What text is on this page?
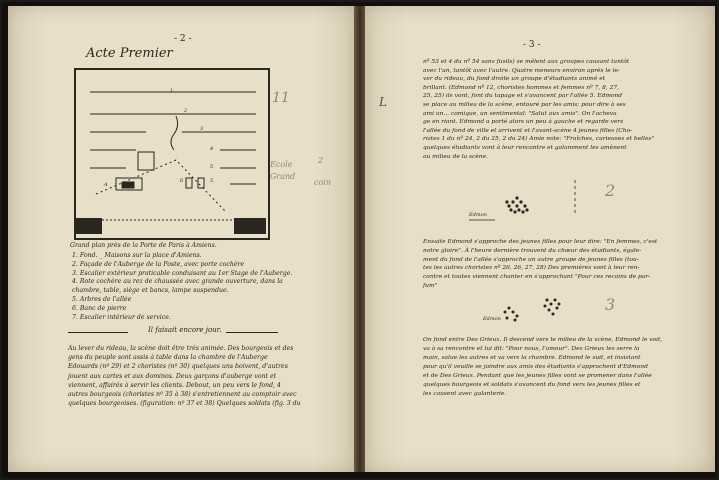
- 2 -
Acte Premier
1
2
3
4
5
5
6
A
11
Ecole
Grand
2
coin
Grand plan près de la Porte de Paris à Amiens.
1. Fond. _ Maisons sur la place d'Amiens.
2. Façade de l'Auberge de la Poste, avec porte cochère
3. Escalier extérieur praticable conduisant au 1er Stage de l'Auberge.
4. Rote cochère au rez de chaussée avec grande ouverture, dans la
chambre, table, siège et bancs, lampe suspendue.
5. Arbres de l'allée
6. Banc de pierre
7. Escalier intérieur de service.
Il faisait encore jour.
Au lever du rideau, la scène doit être très animée. Des bourgeois et des
gens du peuple sont assis à table dans la chambre de l'Auberge
Edouards (nº 29) et 2 choristes (nº 30) quelques uns boivent, d'autres
jouent aux cartes et aux dominos. Deux garçons d'auberge vont et
viennent, affairés à servir les clients. Debout, un peu vers le fond, 4
autres bourgeois (choristes nº 35 à 38) s'entretiennent au comptoir avec
quelques bourgeoises. (figuration: nº 37 et 38) Quelques soldats (fig. 3 du
- 3 -
L
nº 53 et 4 du nº 54 sans fusils) se mêlent aux groupes causant tantôt
avec l'un, tantôt avec l'autre. Quatre meneurs environ après le le-
ver du rideau, du fond droite un groupe d'étudiants animé et
brillant. (Edmond nº 12, choristes hommes et femmes nº 7, 8, 27,
25, 25) ils vont, font du tapage et s'avancent par l'allée 5. Edmond
se place au milieu de la scène, entouré par les amis; pour dire à ses
ami un... comique, un sentimental: "Salut aux amis". On l'acheva
ge en riant. Edmond a porté alors un peu à gauche et regarde vers
l'allée du fond de ville et arrivent et l'avant-scène 4 jeunes filles (Cho-
ristes 1 du nº 24, 2 du 25, 2 du 24) Amie note: "Fraîches, curieuses et belles"
quelques étudiants vont à leur rencontre et galamment les amènent
au milieu de la scène.
Edmon
2
Ensuite Edmond s'approche des jeunes filles pour leur dire: "En femmes, c'est
notre gloire". À l'heure dernière trouvent du chœur des étudiants, égale-
ment du fond de l'allée s'approche un autre groupe de jeunes filles (tou-
tes les autres choristes nº 26, 26, 27, 28) Des premières vont à leur ren-
contre et toutes viennent chanter en s'approchant "Pour ces recoins de par-
fum"
Edmon
3
On fond entre Des Grieux. Il descend vers le milieu de la scène, Edmond le voit,
va à sa rencontre et lui dit: "Pour nous, l'amour". Des Grieux les serre la
main, salue les autres et va vers la chambre. Edmond le suit, et insistant
pour qu'il veuille se joindre aux amis des étudiants s'approchent d'Edmond
et de Des Grieux. Pendant que les jeunes filles vont se promener dans l'allée
quelques bourgeois et soldats s'avancent du fond vers les jeunes filles et
les causent avec galanterie.
